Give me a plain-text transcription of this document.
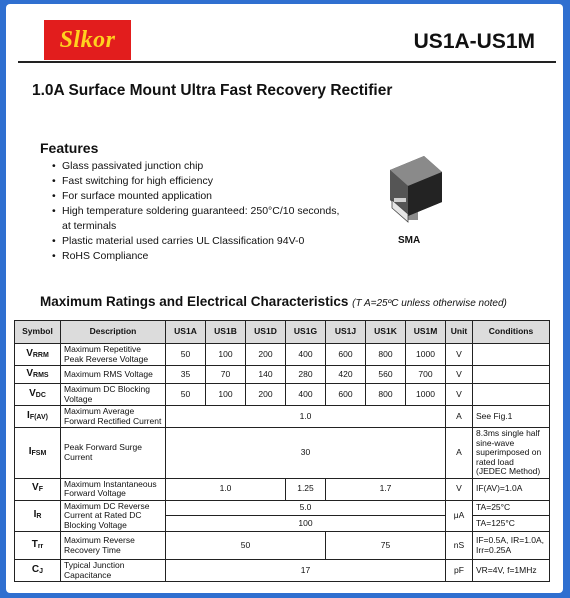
Slkor	US1A-US1M
1.0A Surface Mount Ultra Fast Recovery Rectifier
Features
• Glass passivated junction chip
• Fast switching for high efficiency
• For surface mounted application
• High temperature soldering guaranteed: 250°C/10 seconds,
at terminals
• Plastic material used carries UL Classification 94V-0
• RoHS Compliance
SMA
Maximum Ratings and Electrical Characteristics (T A=25ºC unless otherwise noted)
Symbol	Description	US1A	US1B	US1D	US1G	US1J	US1K	US1M	Unit	Conditions
$V_{RRM}$	Maximum Repetitive Peak Reverse Voltage	50	100	200	400	600	800	1000	V	
$V_{RMS}$	Maximum RMS Voltage	35	70	140	280	420	560	700	V	
$V_{DC}$	Maximum DC Blocking Voltage	50	100	200	400	600	800	1000	V	
$I_{F(AV)}$	Maximum Average Forward Rectified Current	1.0							A	See Fig.1
$I_{FSM}$	Peak Forward Surge Current	30							A	8.3ms single half sine-wave superimposed on rated load (JEDEC Method)
$V_F$	Maximum Instantaneous Forward Voltage	1.0			1.25	1.7			V	IF(AV)=1.0A
$I_R$	Maximum DC Reverse Current at Rated DC Blocking Voltage	5.0							μA	TA=25°C
		100								TA=125°C
$T_{rr}$	Maximum Reverse Recovery Time	50				75			nS	IF=0.5A, IR=1.0A, Irr=0.25A
$C_J$	Typical Junction Capacitance	17							pF	VR=4V, f=1MHz
